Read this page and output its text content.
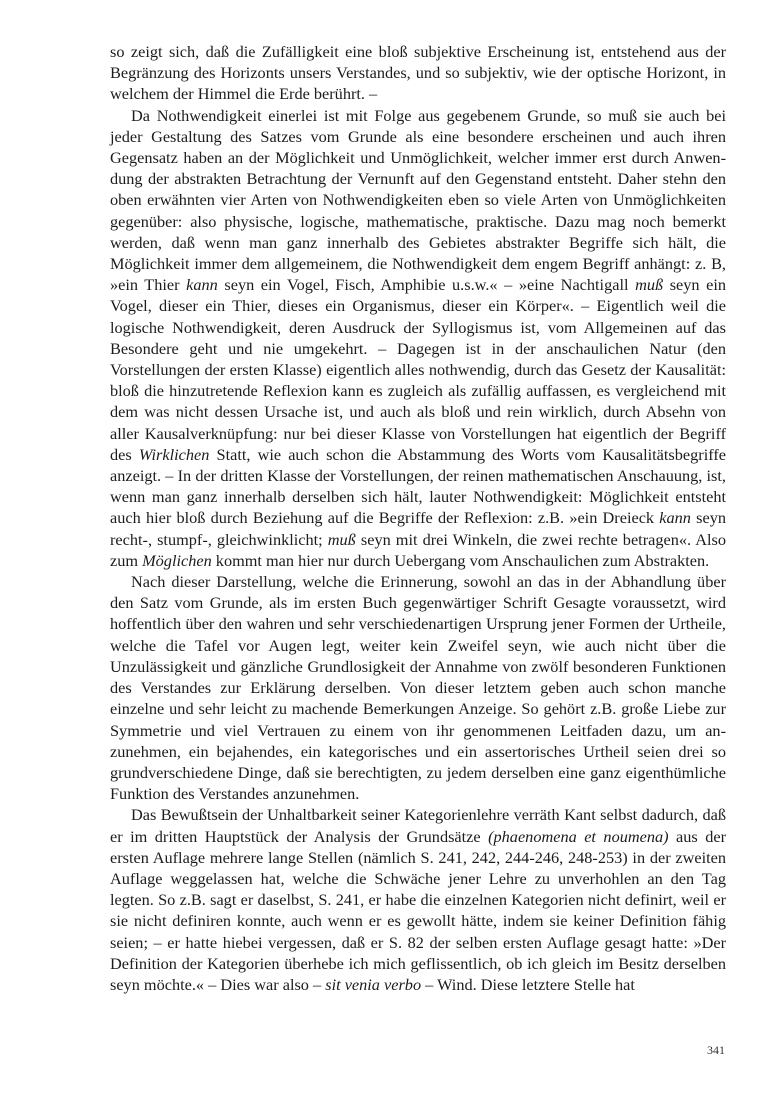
so zeigt sich, daß die Zufälligkeit eine bloß subjektive Erscheinung ist, entstehend aus der Begränzung des Horizonts unsers Verstandes, und so subjektiv, wie der optische Horizont, in welchem der Himmel die Erde berührt. –

Da Nothwendigkeit einerlei ist mit Folge aus gegebenem Grunde, so muß sie auch bei jeder Gestaltung des Satzes vom Grunde als eine besondere erscheinen und auch ihren Gegensatz haben an der Möglichkeit und Unmöglichkeit, welcher immer erst durch Anwendung der abstrakten Betrachtung der Vernunft auf den Gegenstand entsteht. Daher stehn den oben erwähnten vier Arten von Nothwendigkeiten eben so viele Arten von Unmöglichkeiten gegenüber: also physische, logische, mathematische, praktische. Dazu mag noch bemerkt werden, daß wenn man ganz innerhalb des Gebietes abstrakter Begriffe sich hält, die Möglichkeit immer dem allgemeinem, die Nothwendigkeit dem engem Begriff anhängt: z. B, »ein Thier kann seyn ein Vogel, Fisch, Amphibie u.s.w.« – »eine Nachtigall muß seyn ein Vogel, dieser ein Thier, dieses ein Organismus, dieser ein Körper«. – Eigentlich weil die logische Nothwendigkeit, deren Ausdruck der Syllogismus ist, vom Allgemeinen auf das Besondere geht und nie umgekehrt. – Dagegen ist in der anschaulichen Natur (den Vorstellungen der ersten Klasse) eigentlich alles nothwendig, durch das Gesetz der Kausalität: bloß die hinzutretende Reflexion kann es zugleich als zufällig auffassen, es vergleichend mit dem was nicht dessen Ursache ist, und auch als bloß und rein wirklich, durch Absehn von aller Kausalverknüpfung: nur bei dieser Klasse von Vorstellungen hat eigentlich der Begriff des Wirklichen Statt, wie auch schon die Abstammung des Worts vom Kausalitätsbegriffe anzeigt. – In der dritten Klasse der Vorstellungen, der reinen mathematischen Anschauung, ist, wenn man ganz innerhalb derselben sich hält, lauter Nothwendigkeit: Möglichkeit entsteht auch hier bloß durch Beziehung auf die Begriffe der Reflexion: z.B. »ein Dreieck kann seyn recht-, stumpf-, gleichwinklicht; muß seyn mit drei Winkeln, die zwei rechte betragen«. Also zum Möglichen kommt man hier nur durch Uebergang vom Anschaulichen zum Abstrakten.

Nach dieser Darstellung, welche die Erinnerung, sowohl an das in der Abhandlung über den Satz vom Grunde, als im ersten Buch gegenwärtiger Schrift Gesagte voraussetzt, wird hoffentlich über den wahren und sehr verschiedenartigen Ursprung jener Formen der Urtheile, welche die Tafel vor Augen legt, weiter kein Zweifel seyn, wie auch nicht über die Unzulässigkeit und gänzliche Grundlosigkeit der Annahme von zwölf besonderen Funktionen des Verstandes zur Erklärung derselben. Von dieser letztem geben auch schon manche einzelne und sehr leicht zu machende Bemerkungen Anzeige. So gehört z.B. große Liebe zur Symmetrie und viel Vertrauen zu einem von ihr genommenen Leitfaden dazu, um anzunehmen, ein bejahendes, ein kategorisches und ein assertorisches Urtheil seien drei so grundverschiedene Dinge, daß sie berechtigten, zu jedem derselben eine ganz eigenthümliche Funktion des Verstandes anzunehmen.

Das Bewußtsein der Unhaltbarkeit seiner Kategorienlehre verräth Kant selbst dadurch, daß er im dritten Hauptstück der Analysis der Grundsätze (phaenomena et noumena) aus der ersten Auflage mehrere lange Stellen (nämlich S. 241, 242, 244-246, 248-253) in der zweiten Auflage weggelassen hat, welche die Schwäche jener Lehre zu unverhohlen an den Tag legten. So z.B. sagt er daselbst, S. 241, er habe die einzelnen Kategorien nicht definirt, weil er sie nicht definiren konnte, auch wenn er es gewollt hätte, indem sie keiner Definition fähig seien; – er hatte hiebei vergessen, daß er S. 82 der selben ersten Auflage gesagt hatte: »Der Definition der Kategorien überhebe ich mich geflissentlich, ob ich gleich im Besitz derselben seyn möchte.« – Dies war also – sit venia verbo – Wind. Diese letztere Stelle hat

341
